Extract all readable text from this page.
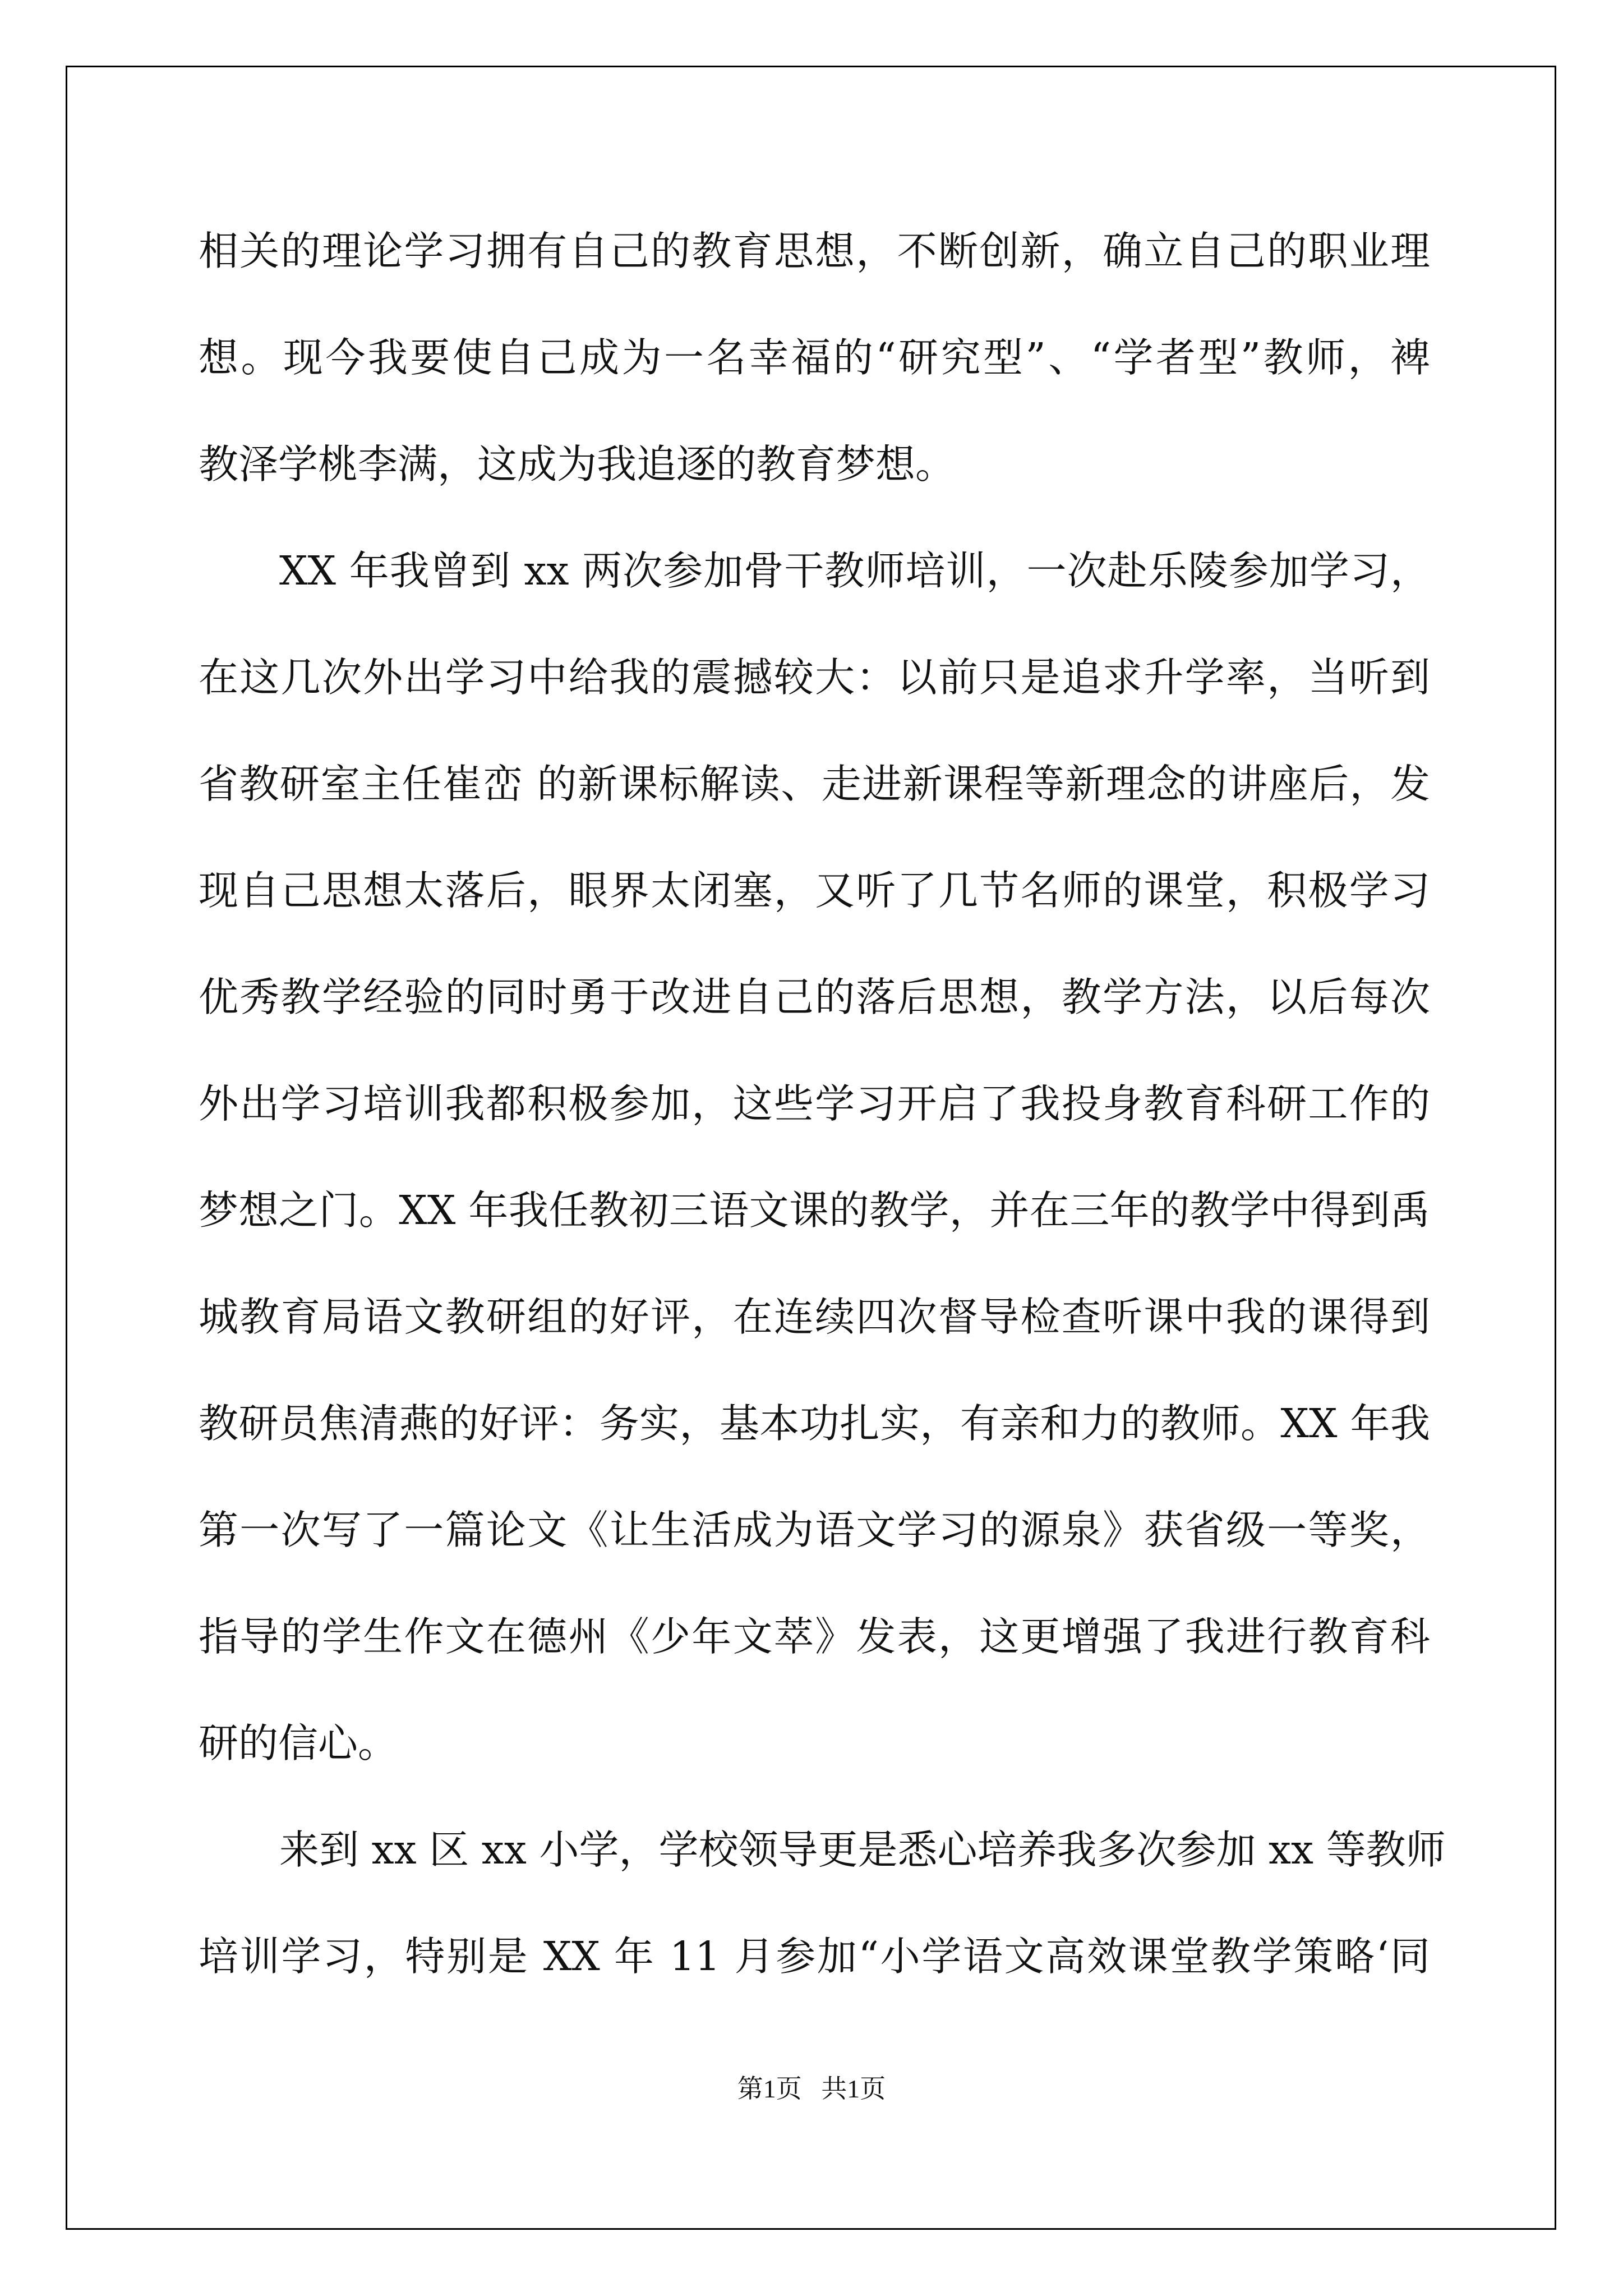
相关的理论学习拥有自己的教育思想，不断创新，确立自己的职业理
想。现今我要使自己成为一名幸福的“研究型”、“学者型”教师，裨
教泽学桃李满，这成为我追逐的教育梦想。
XX 年我曾到 xx 两次参加骨干教师培训，一次赴乐陵参加学习，
在这几次外出学习中给我的震撼较大：以前只是追求升学率，当听到
省教研室主任崔峦 的新课标解读、走进新课程等新理念的讲座后，发
现自己思想太落后，眼界太闭塞，又听了几节名师的课堂，积极学习
优秀教学经验的同时勇于改进自己的落后思想，教学方法，以后每次
外出学习培训我都积极参加，这些学习开启了我投身教育科研工作的
梦想之门。XX 年我任教初三语文课的教学，并在三年的教学中得到禹
城教育局语文教研组的好评，在连续四次督导检查听课中我的课得到
教研员焦清燕的好评：务实，基本功扎实，有亲和力的教师。XX 年我
第一次写了一篇论文《让生活成为语文学习的源泉》获省级一等奖，
指导的学生作文在德州《少年文萃》发表，这更增强了我进行教育科
研的信心。
来到 xx 区 xx 小学，学校领导更是悉心培养我多次参加 xx 等教师
培训学习，特别是 XX 年 11 月参加“小学语文高效课堂教学策略‘同
第1页   共1页
